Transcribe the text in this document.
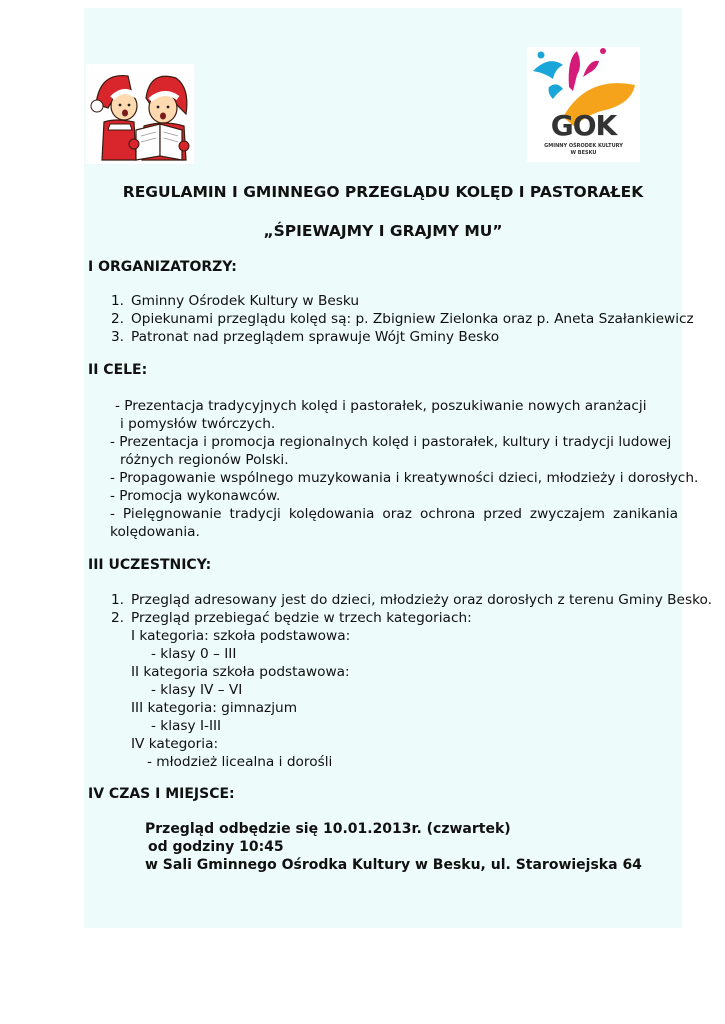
GOK
GMINNY OŚRODEK KULTURY
W BESKU
REGULAMIN I GMINNEGO PRZEGLĄDU KOLĘD I PASTORAŁEK
„ŚPIEWAJMY I GRAJMY MU”
I ORGANIZATORZY:
1. Gminny Ośrodek Kultury w Besku
2. Opiekunami przeglądu kolęd są: p. Zbigniew Zielonka oraz p. Aneta Szałankiewicz
3. Patronat nad przeglądem sprawuje Wójt Gminy Besko
II CELE:
- Prezentacja tradycyjnych kolęd i pastorałek, poszukiwanie nowych aranżacji
i pomysłów twórczych.
- Prezentacja i promocja regionalnych kolęd i pastorałek, kultury i tradycji ludowej
różnych regionów Polski.
- Propagowanie wspólnego muzykowania i kreatywności dzieci, młodzieży i dorosłych.
- Promocja wykonawców.
- Pielęgnowanie tradycji kolędowania oraz ochrona przed zwyczajem zanikania
kolędowania.
III UCZESTNICY:
1. Przegląd adresowany jest do dzieci, młodzieży oraz dorosłych z terenu Gminy Besko.
2. Przegląd przebiegać będzie w trzech kategoriach:
I kategoria: szkoła podstawowa:
- klasy 0 – III
II kategoria szkoła podstawowa:
- klasy IV – VI
III kategoria: gimnazjum
- klasy I-III
IV kategoria:
- młodzież licealna i dorośli
IV CZAS I MIEJSCE:
Przegląd odbędzie się 10.01.2013r. (czwartek)
od godziny 10:45
w Sali Gminnego Ośrodka Kultury w Besku, ul. Starowiejska 64
